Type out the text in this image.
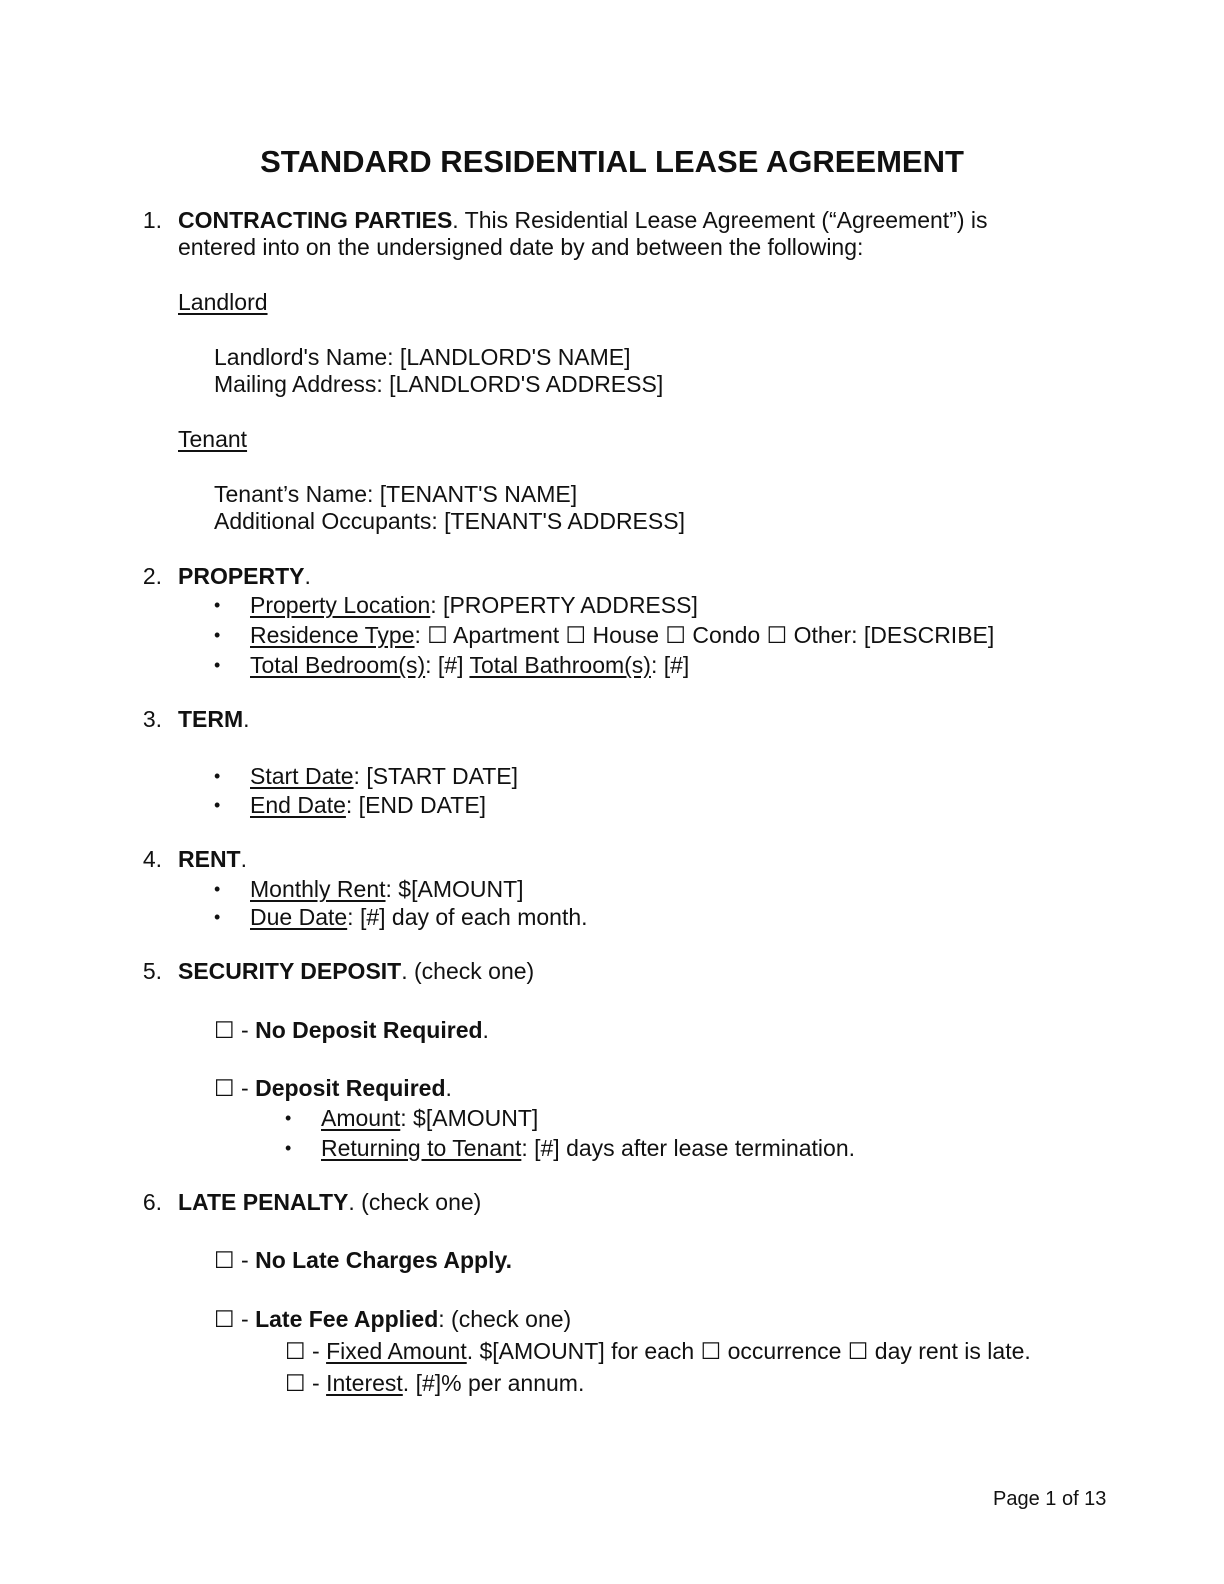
STANDARD RESIDENTIAL LEASE AGREEMENT
1. CONTRACTING PARTIES. This Residential Lease Agreement (“Agreement”) is
entered into on the undersigned date by and between the following:
Landlord
Landlord's Name: [LANDLORD'S NAME]
Mailing Address: [LANDLORD'S ADDRESS]
Tenant
Tenant’s Name: [TENANT'S NAME]
Additional Occupants: [TENANT'S ADDRESS]
2. PROPERTY.
• Property Location: [PROPERTY ADDRESS]
• Residence Type: ☐ Apartment ☐ House ☐ Condo ☐ Other: [DESCRIBE]
• Total Bedroom(s): [#] Total Bathroom(s): [#]
3. TERM.
• Start Date: [START DATE]
• End Date: [END DATE]
4. RENT.
• Monthly Rent: $[AMOUNT]
• Due Date: [#] day of each month.
5. SECURITY DEPOSIT. (check one)
☐ - No Deposit Required.
☐ - Deposit Required.
• Amount: $[AMOUNT]
• Returning to Tenant: [#] days after lease termination.
6. LATE PENALTY. (check one)
☐ - No Late Charges Apply.
☐ - Late Fee Applied: (check one)
☐ - Fixed Amount. $[AMOUNT] for each ☐ occurrence ☐ day rent is late.
☐ - Interest. [#]% per annum.
Page 1 of 13
